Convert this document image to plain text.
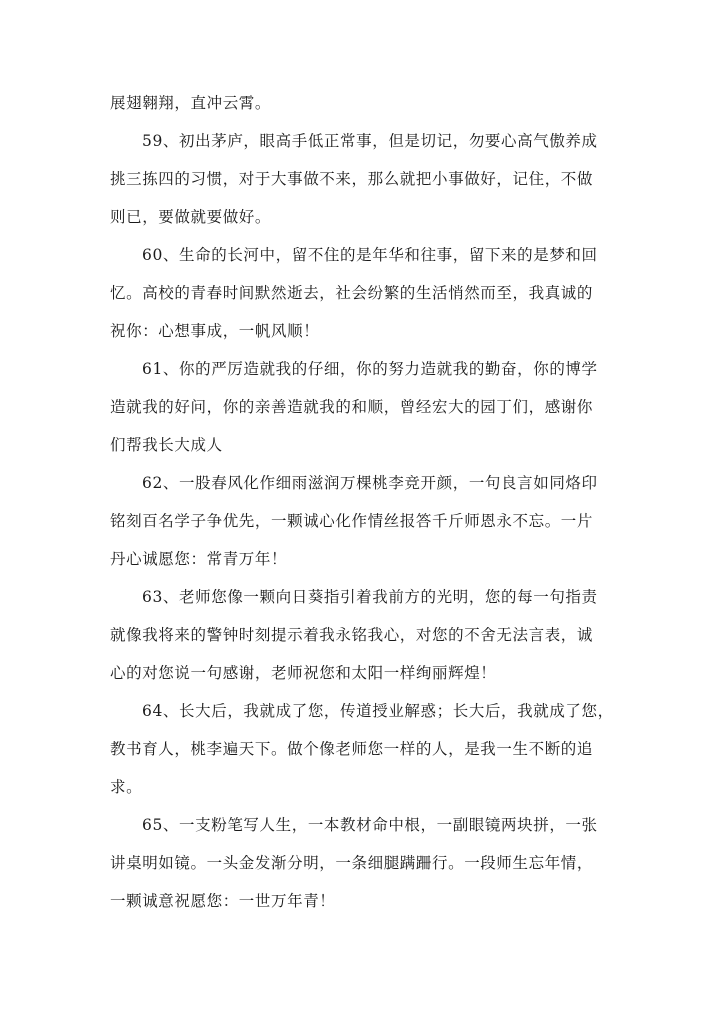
展翅翱翔，直冲云霄。

59、初出茅庐，眼高手低正常事，但是切记，勿要心高气傲养成
挑三拣四的习惯，对于大事做不来，那么就把小事做好，记住，不做
则已，要做就要做好。

60、生命的长河中，留不住的是年华和往事，留下来的是梦和回
忆。高校的青春时间默然逝去，社会纷繁的生活悄然而至，我真诚的
祝你：心想事成，一帆风顺！

61、你的严厉造就我的仔细，你的努力造就我的勤奋，你的博学
造就我的好问，你的亲善造就我的和顺，曾经宏大的园丁们，感谢你
们帮我长大成人

62、一股春风化作细雨滋润万棵桃李竞开颜，一句良言如同烙印
铭刻百名学子争优先，一颗诚心化作情丝报答千斤师恩永不忘。一片
丹心诚愿您：常青万年！

63、老师您像一颗向日葵指引着我前方的光明，您的每一句指责
就像我将来的警钟时刻提示着我永铭我心，对您的不舍无法言表，诚
心的对您说一句感谢，老师祝您和太阳一样绚丽辉煌！

64、长大后，我就成了您，传道授业解惑；长大后，我就成了您，
教书育人，桃李遍天下。做个像老师您一样的人，是我一生不断的追
求。

65、一支粉笔写人生，一本教材命中根，一副眼镜两块拼，一张
讲桌明如镜。一头金发渐分明，一条细腿蹒跚行。一段师生忘年情，
一颗诚意祝愿您：一世万年青！
